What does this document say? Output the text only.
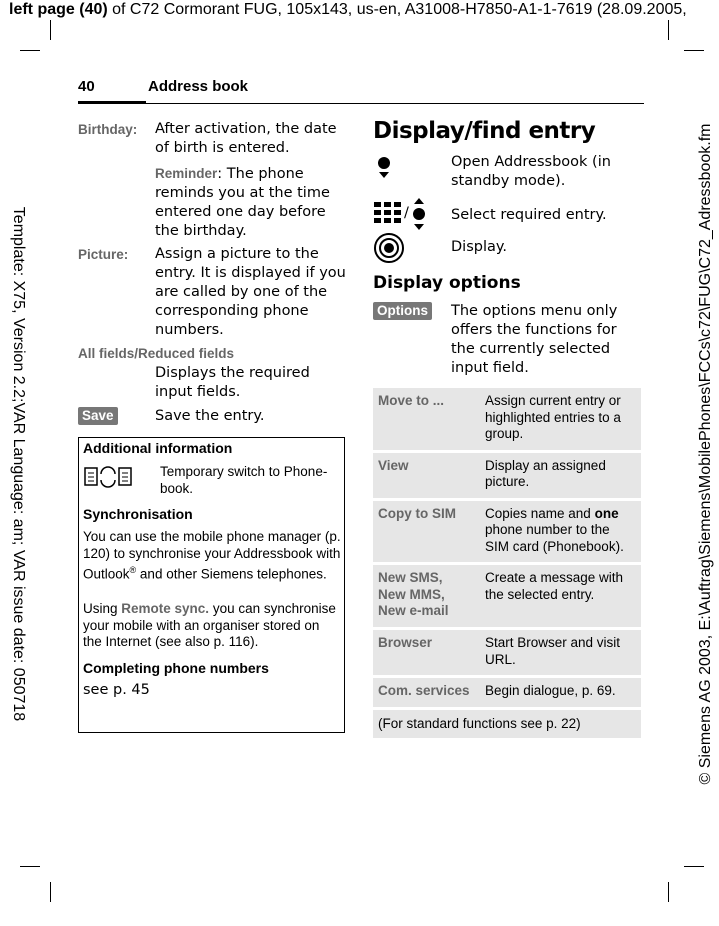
left page (40) of C72 Cormorant FUG, 105x143, us-en, A31008-H7850-A1-1-7619 (28.09.2005,
Template: X75, Version 2.2;VAR Language: am; VAR issue date: 050718	© Siemens AG 2003, E:\Auftrag\Siemens\MobilePhones\FCCs\c72\FUG\C72_Adressbook.fm
40	Address book
Birthday: After activation, the date of birth is entered.
Reminder: The phone reminds you at the time entered one day before the birthday.
Picture: Assign a picture to the entry. It is displayed if you are called by one of the corresponding phone numbers.
All fields/Reduced fields
Displays the required input fields.
Save	Save the entry.
Additional information
Temporary switch to Phone-book.
Synchronisation
You can use the mobile phone manager (p. 120) to synchronise your Addressbook with Outlook® and other Siemens telephones.
Using Remote sync. you can synchronise your mobile with an organiser stored on the Internet (see also p. 116).
Completing phone numbers
see p. 45
Display/find entry
Open Addressbook (in standby mode).
/	Select required entry.
Display.
Display options
Options The options menu only offers the functions for the currently selected input field.
Move to ...	Assign current entry or highlighted entries to a group.
View	Display an assigned picture.
Copy to SIM	Copies name and one phone number to the SIM card (Phonebook).
New SMS, New MMS, New e-mail	Create a message with the selected entry.
Browser	Start Browser and visit URL.
Com. services	Begin dialogue, p. 69.
(For standard functions see p. 22)	
